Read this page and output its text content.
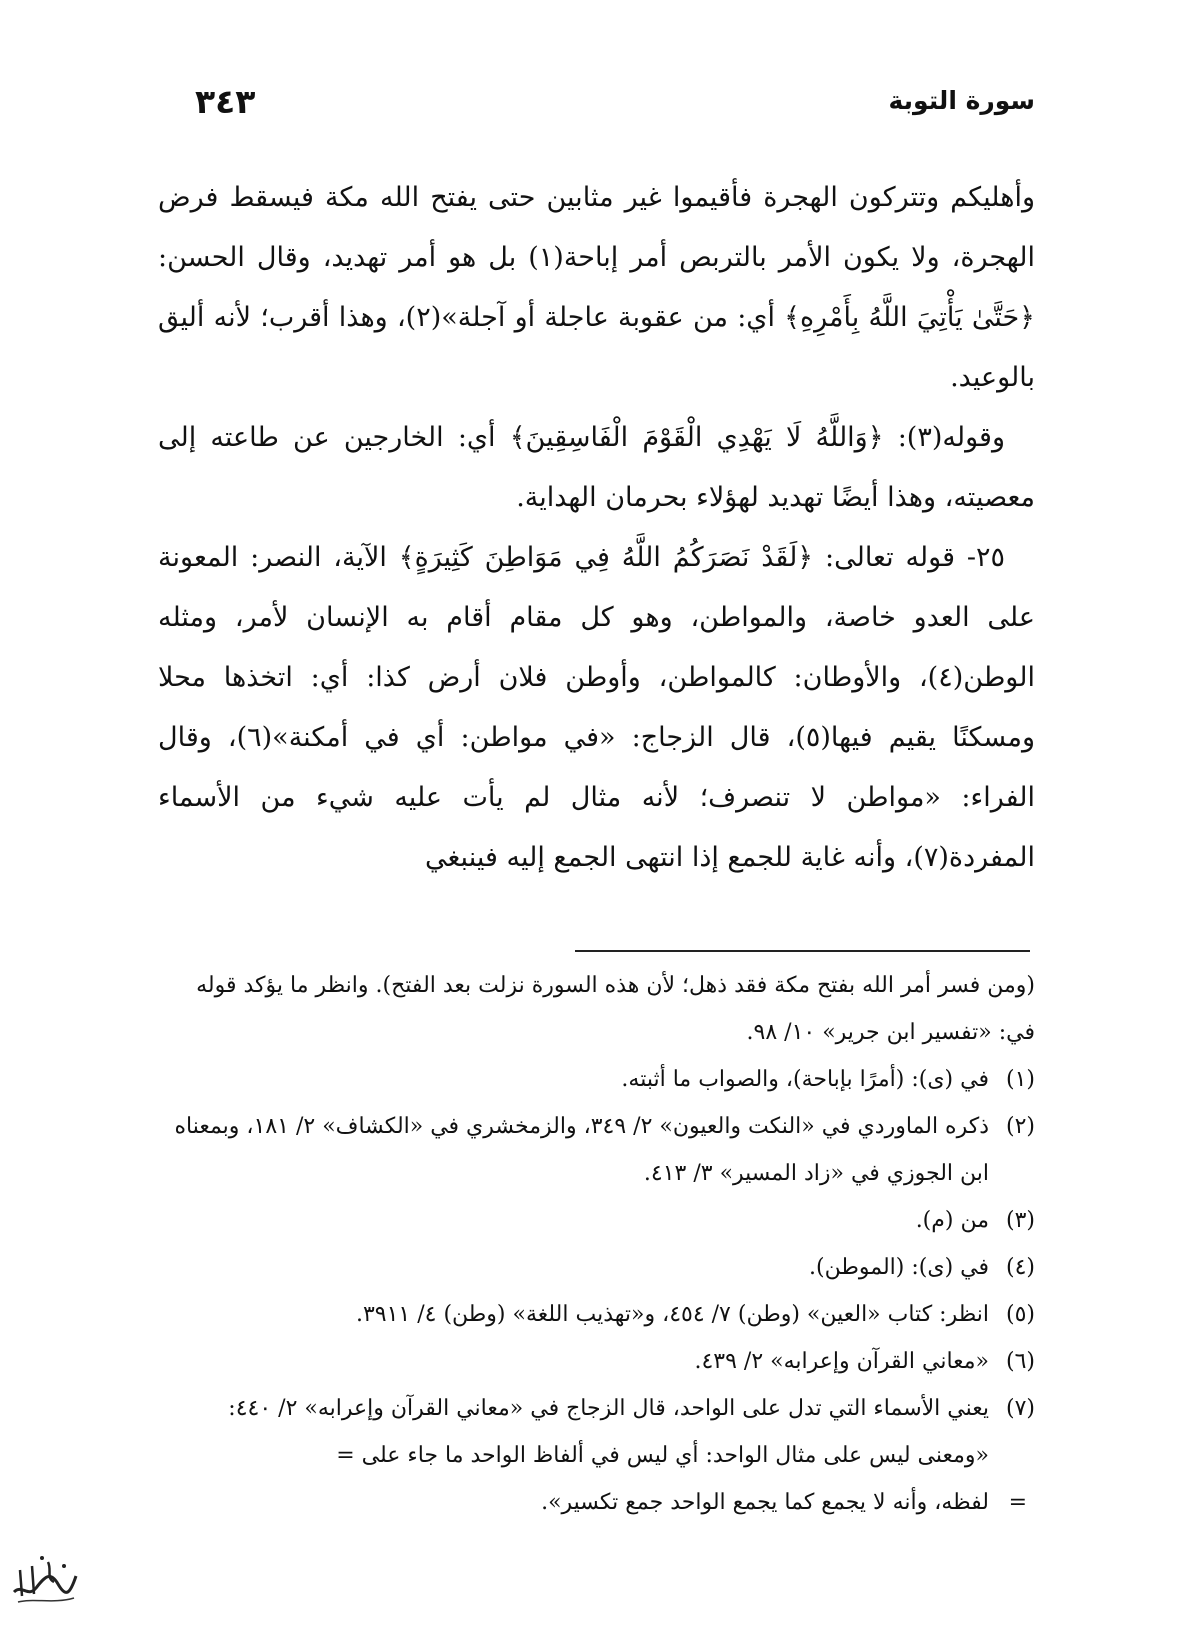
سورة التوبة
٣٤٣

وأهليكم وتتركون الهجرة فأقيموا غير مثابين حتى يفتح الله مكة فيسقط فرض الهجرة، ولا يكون الأمر بالتربص أمر إباحة(١) بل هو أمر تهديد، وقال الحسن: ﴿حَتَّىٰ يَأْتِيَ اللَّهُ بِأَمْرِهِ﴾ أي: من عقوبة عاجلة أو آجلة»(٢)، وهذا أقرب؛ لأنه أليق بالوعيد.

وقوله(٣): ﴿وَاللَّهُ لَا يَهْدِي الْقَوْمَ الْفَاسِقِينَ﴾ أي: الخارجين عن طاعته إلى معصيته، وهذا أيضًا تهديد لهؤلاء بحرمان الهداية.

٢٥- قوله تعالى: ﴿لَقَدْ نَصَرَكُمُ اللَّهُ فِي مَوَاطِنَ كَثِيرَةٍ﴾ الآية، النصر: المعونة على العدو خاصة، والمواطن، وهو كل مقام أقام به الإنسان لأمر، ومثله الوطن(٤)، والأوطان: كالمواطن، وأوطن فلان أرض كذا: أي: اتخذها محلا ومسكنًا يقيم فيها(٥)، قال الزجاج: «في مواطن: أي في أمكنة»(٦)، وقال الفراء: «مواطن لا تنصرف؛ لأنه مثال لم يأت عليه شيء من الأسماء المفردة(٧)، وأنه غاية للجمع إذا انتهى الجمع إليه فينبغي

(ومن فسر أمر الله بفتح مكة فقد ذهل؛ لأن هذه السورة نزلت بعد الفتح). وانظر ما يؤكد قوله في: «تفسير ابن جرير» ١٠/ ٩٨.

(١)
في (ى): (أمرًا بإباحة)، والصواب ما أثبته.

(٢)
ذكره الماوردي في «النكت والعيون» ٢/ ٣٤٩، والزمخشري في «الكشاف» ٢/ ١٨١، وبمعناه ابن الجوزي في «زاد المسير» ٣/ ٤١٣.

(٣)
من (م).

(٤)
في (ى): (الموطن).

(٥)
انظر: كتاب «العين» (وطن) ٧/ ٤٥٤، و«تهذيب اللغة» (وطن) ٤/ ٣٩١١.

(٦)
«معاني القرآن وإعرابه» ٢/ ٤٣٩.

(٧)
يعني الأسماء التي تدل على الواحد، قال الزجاج في «معاني القرآن وإعرابه» ٢/ ٤٤٠: «ومعنى ليس على مثال الواحد: أي ليس في ألفاظ الواحد ما جاء على =

=
لفظه، وأنه لا يجمع كما يجمع الواحد جمع تكسير».
